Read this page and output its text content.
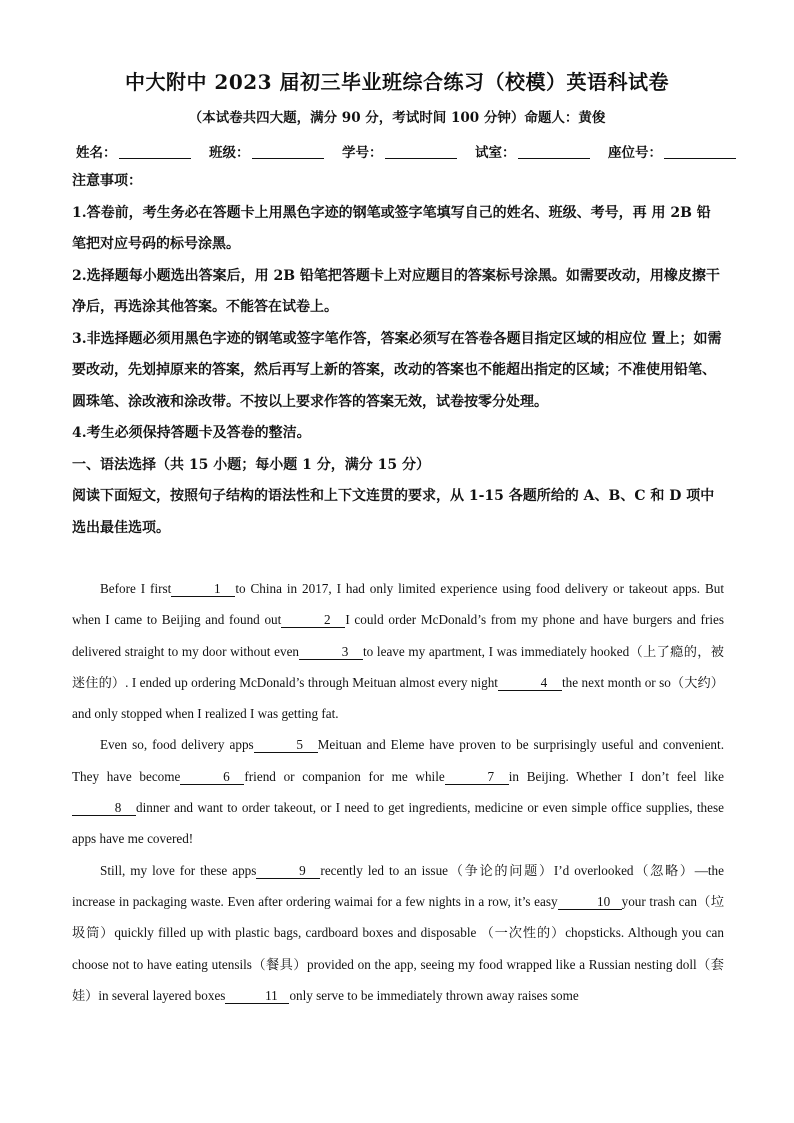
中大附中 2023 届初三毕业班综合练习（校模）英语科试卷
（本试卷共四大题，满分 90 分，考试时间 100 分钟）命题人：黄俊
姓名：	班级：	学号：	试室：	座位号：

注意事项：

1.答卷前，考生务必在答题卡上用黑色字迹的钢笔或签字笔填写自己的姓名、班级、考号，再 用 2B 铅笔把对应号码的标号涂黑。

2.选择题每小题选出答案后，用 2B 铅笔把答题卡上对应题目的答案标号涂黑。如需要改动，用橡皮擦干净后，再选涂其他答案。不能答在试卷上。

3.非选择题必须用黑色字迹的钢笔或签字笔作答，答案必须写在答卷各题目指定区域的相应位 置上；如需要改动，先划掉原来的答案，然后再写上新的答案，改动的答案也不能超出指定的区域；不准使用铅笔、圆珠笔、涂改液和涂改带。不按以上要求作答的答案无效，试卷按零分处理。

4.考生必须保持答题卡及答卷的整洁。

一、语法选择（共 15 小题；每小题 1 分，满分 15 分）

阅读下面短文，按照句子结构的语法性和上下文连贯的要求，从 1-15 各题所给的 A、B、C 和 D 项中选出最佳选项。

Before I first	1 to China in 2017, I had only limited experience using food delivery or takeout apps. But when I came to Beijing and found out	2 I could order McDonald’s from my phone and have burgers and fries delivered straight to my door without even	3 to leave my apartment, I was immediately hooked（上了瘾的，被迷住的）. I ended up ordering McDonald’s through Meituan almost every night	4 the next month or so（大约）and only stopped when I realized I was getting fat.

Even so, food delivery apps	5 Meituan and Eleme have proven to be surprisingly useful and convenient. They have become	6 friend or companion for me while	7 in Beijing. Whether I don’t feel like8 dinner and want to order takeout, or I need to get ingredients, medicine or even simple office supplies, these apps have me covered!

Still, my love for these apps	9 recently led to an issue（争论的问题）I’d overlooked（忽略）—the increase in packaging waste. Even after ordering waimai for a few nights in a row, it’s easy	10 your trash can（垃圾筒）quickly filled up with plastic bags, cardboard boxes and disposable （一次性的）chopsticks. Although you can choose not to have eating utensils（餐具）provided on the app, seeing my food wrapped like a Russian nesting doll（套娃）in several layered boxes	11 only serve to be immediately thrown away raises some
